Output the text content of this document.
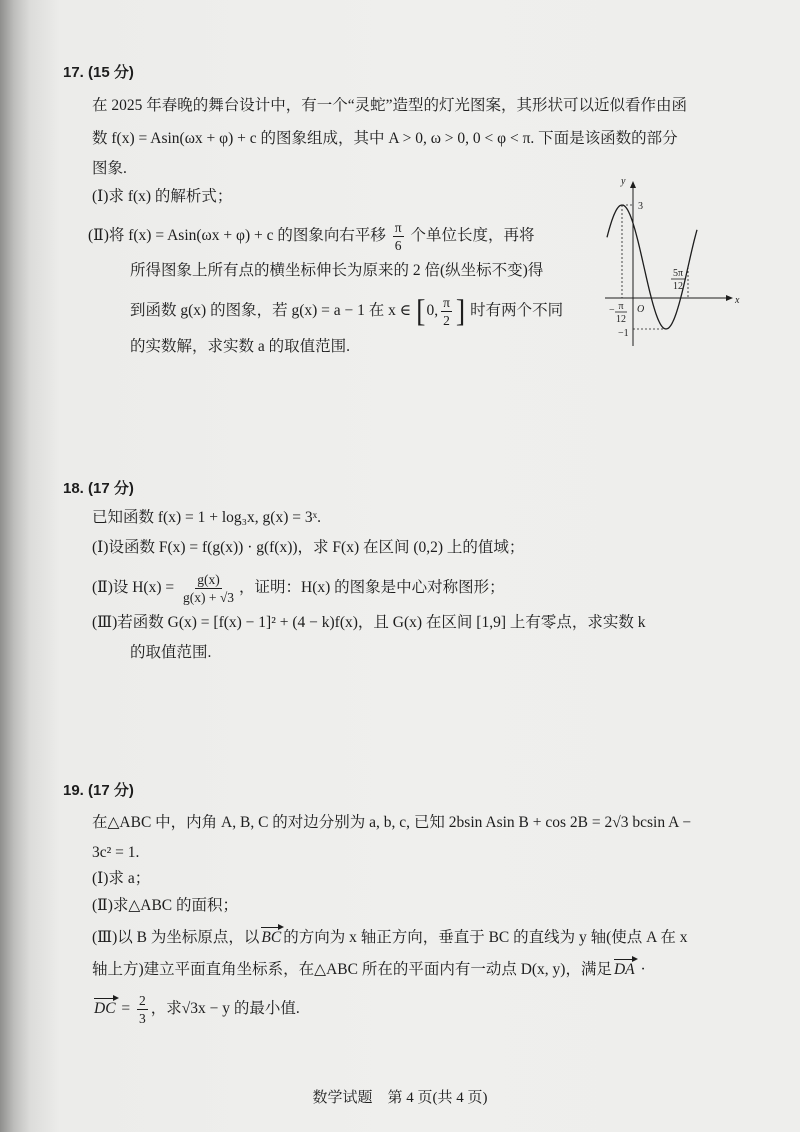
17. (15 分)
在 2025 年春晚的舞台设计中，有一个“灵蛇”造型的灯光图案，其形状可以近似看作由函
数 f(x) = Asin(ωx + φ) + c 的图象组成，其中 A > 0, ω > 0, 0 < φ < π. 下面是该函数的部分
图象.
(Ⅰ)求 f(x) 的解析式；
(Ⅱ)将 f(x) = Asin(ωx + φ) + c 的图象向右平移 $\frac{\pi}{6}$ 个单位长度，再将
所得图象上所有点的横坐标伸长为原来的 2 倍(纵坐标不变)得
到函数 g(x) 的图象，若 g(x) = a − 1 在 x ∈ [0, $\frac{\pi}{2}$ ] 时有两个不同
的实数解，求实数 a 的取值范围.
y
x
O
3
−1
− π
12
5π
12
18. (17 分)
已知函数 f(x) = 1 + log₃x, g(x) = 3ˣ.
(Ⅰ)设函数 F(x) = f(g(x)) · g(f(x))，求 F(x) 在区间 (0,2) 上的值域；
(Ⅱ)设 $H(x) = \frac{g(x)}{g(x) + √3}$ ，证明：H(x) 的图象是中心对称图形；
(Ⅲ)若函数 G(x) = [f(x) − 1]² + (4 − k)f(x)，且 G(x) 在区间 [1,9] 上有零点，求实数 k
的取值范围.
19. (17 分)
在△ABC 中，内角 A, B, C 的对边分别为 a, b, c, 已知 2bsin Asin B + cos 2B = 2√3 bcsin A −
3c² = 1.
(Ⅰ)求 a；
(Ⅱ)求△ABC 的面积；
(Ⅲ)以 B 为坐标原点，以 BC 的方向为 x 轴正方向，垂直于 BC 的直线为 y 轴(使点 A 在 x
轴上方)建立平面直角坐标系，在△ABC 所在的平面内有一动点 D(x, y)，满足 DA ·
DC = $\frac{2}{3}$ ，求√3x − y 的最小值.
数学试题　第 4 页(共 4 页)
